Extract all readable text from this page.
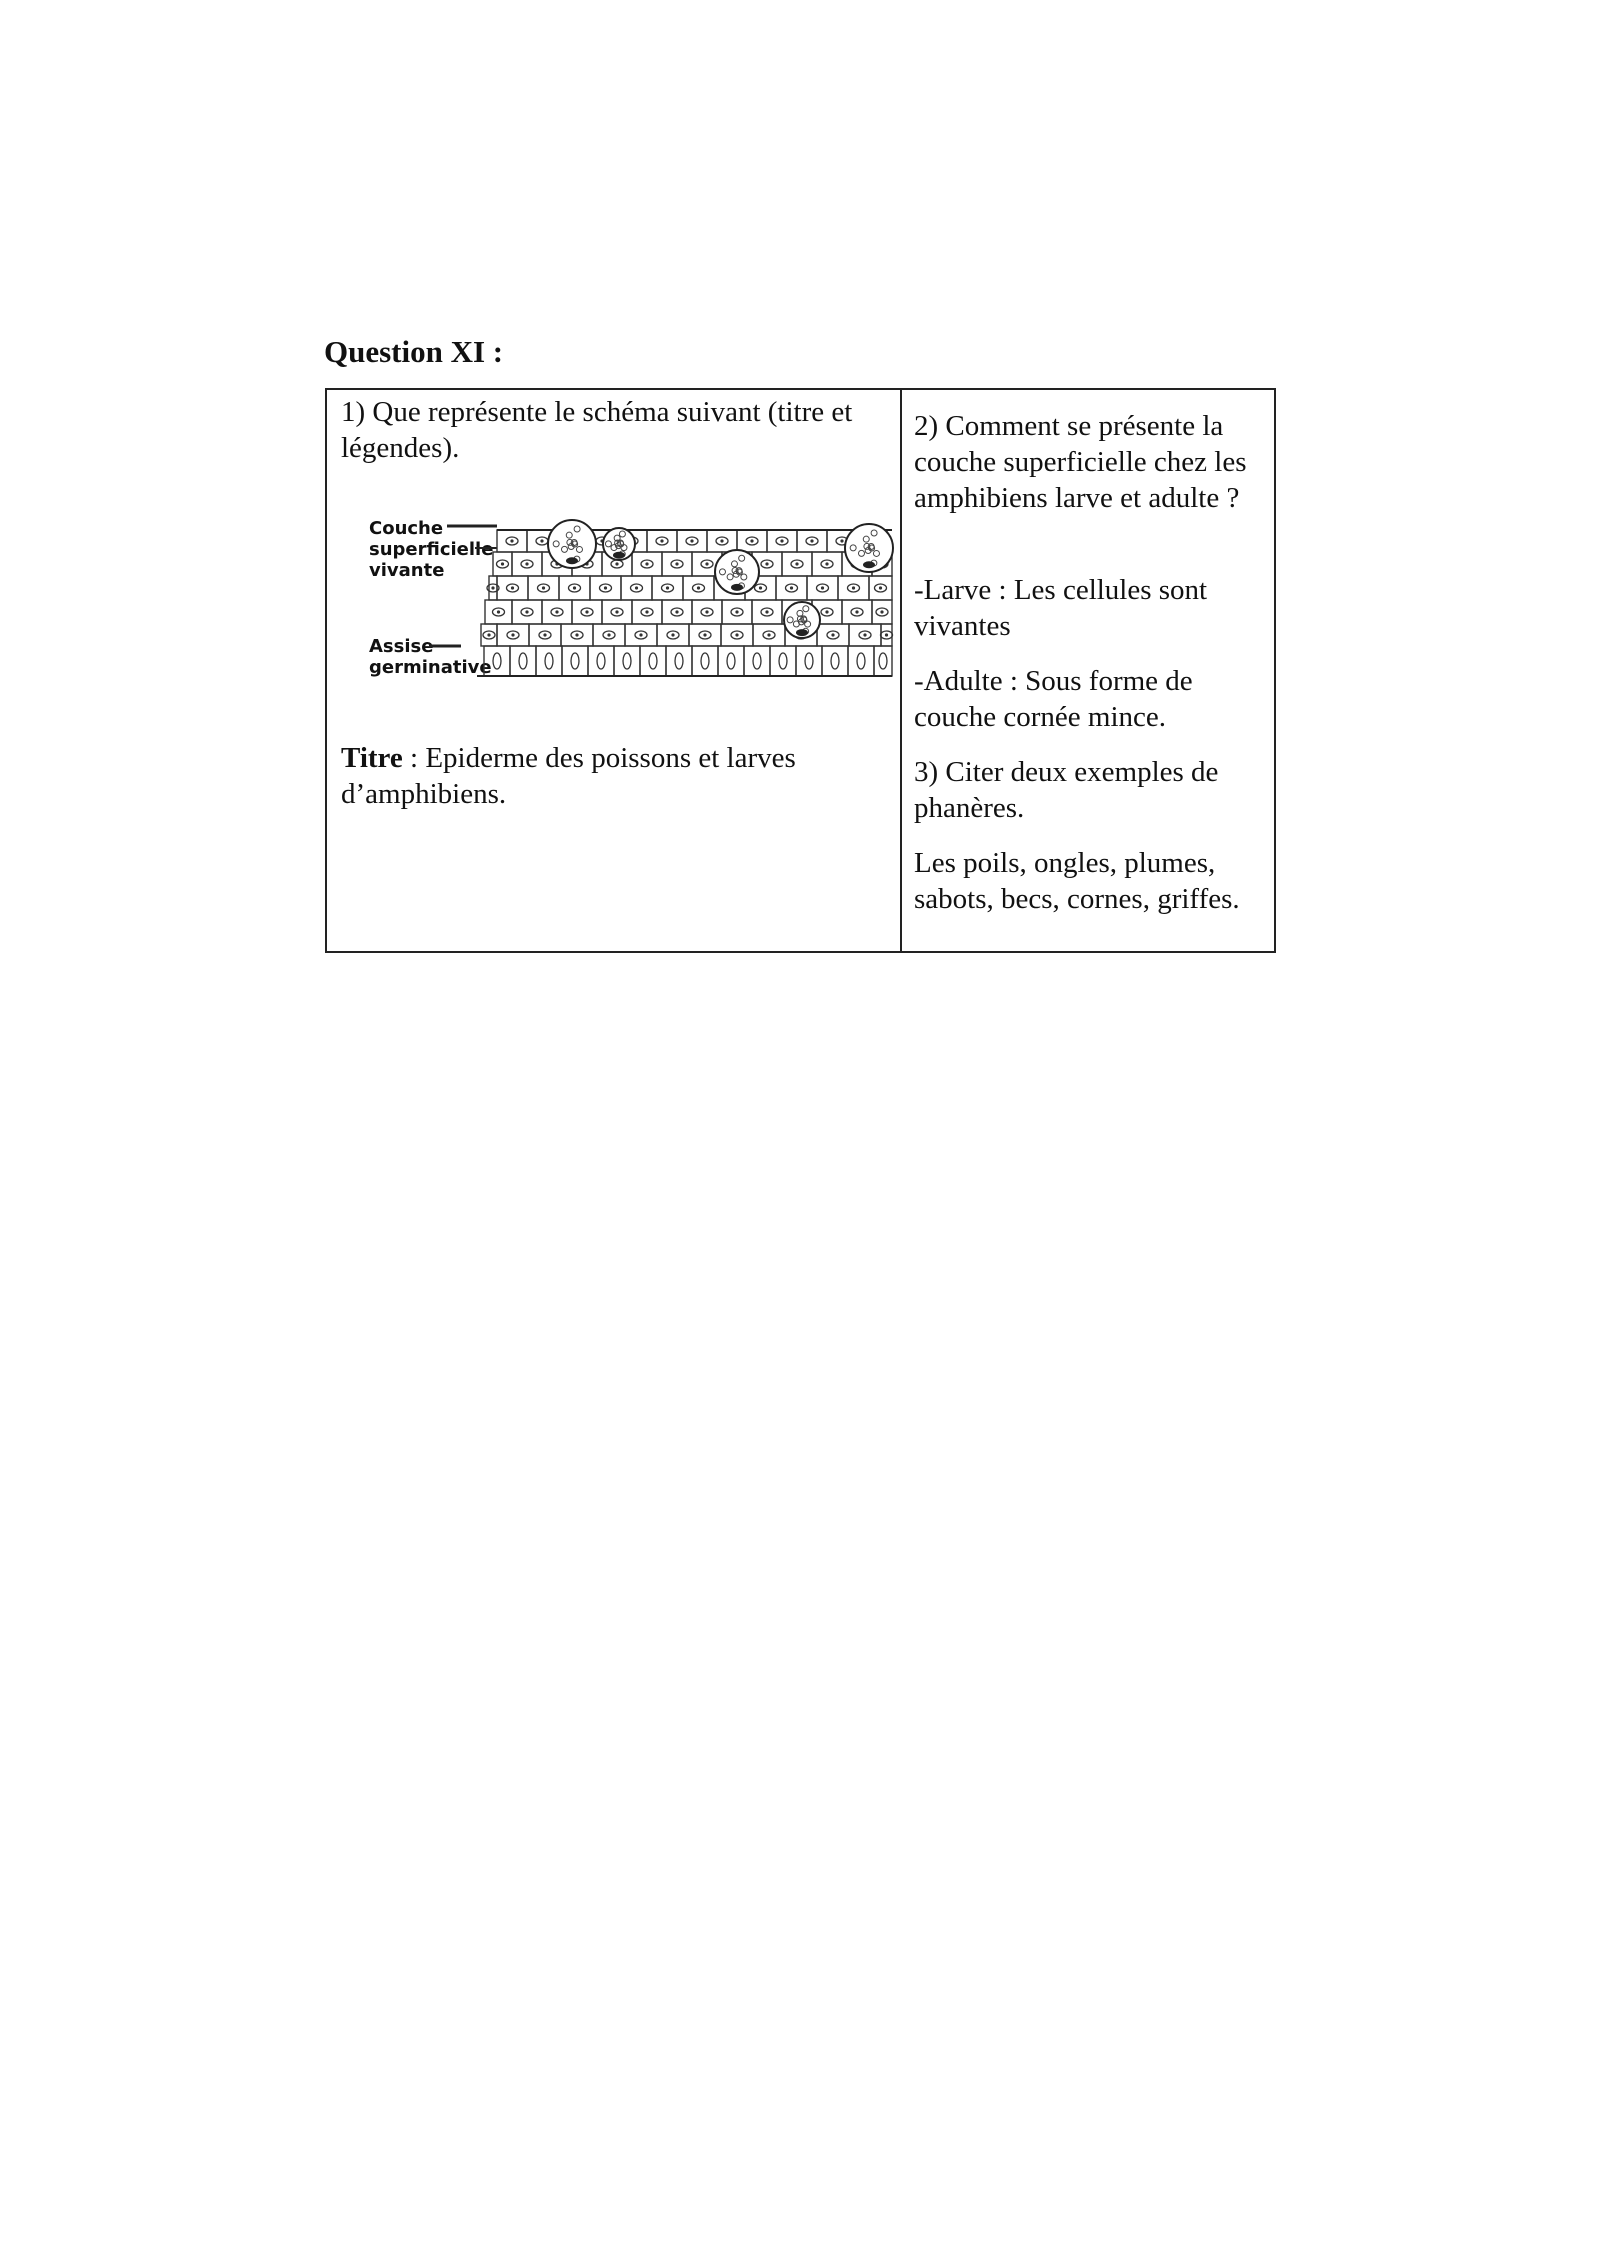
Question XI :

1) Que représente le schéma suivant (titre et légendes).

Couche

superficielle

vivante

Assise

germinative

Titre : Epiderme des poissons et larves d’amphibiens.

2) Comment se présente la couche superficielle chez les amphibiens larve et adulte ?

-Larve : Les cellules sont vivantes

-Adulte : Sous forme de couche cornée mince.

3) Citer deux exemples de phanères.

Les poils, ongles, plumes, sabots, becs, cornes, griffes.
